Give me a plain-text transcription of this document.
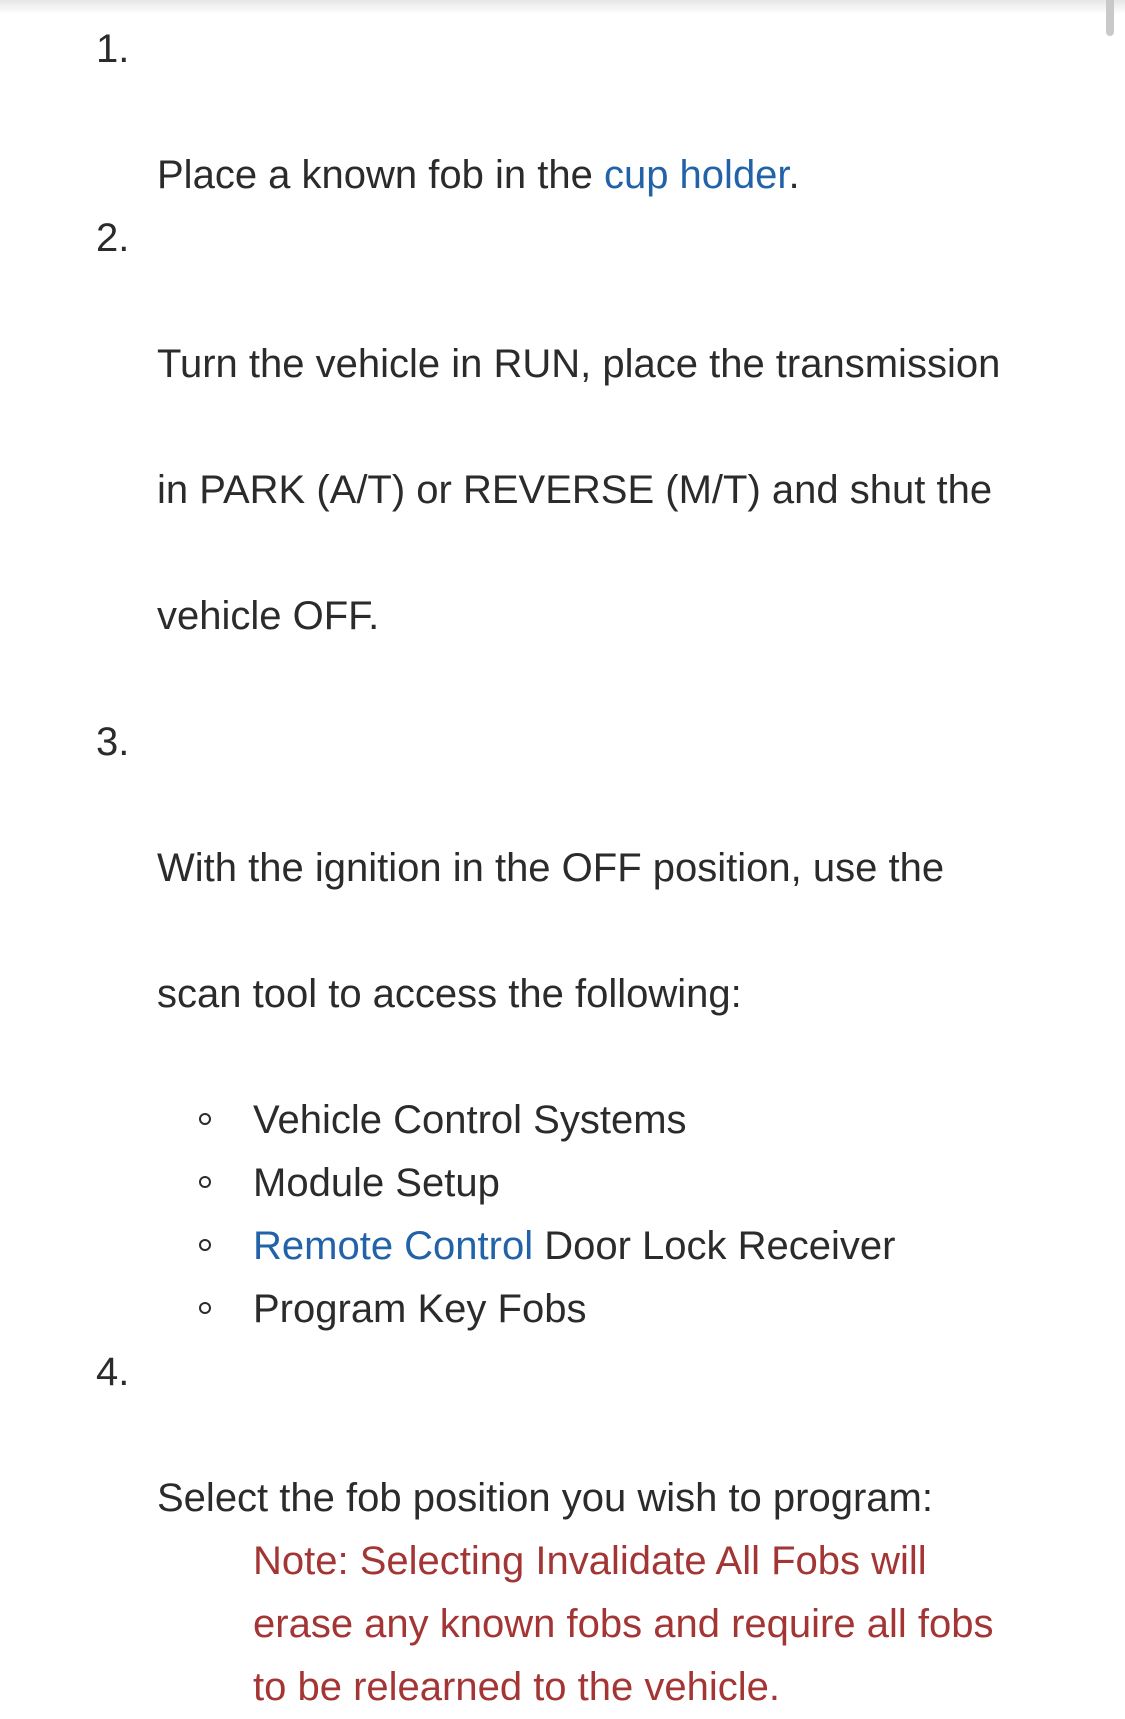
1.

Place a known fob in the cup holder.

2.

Turn the vehicle in RUN, place the transmission

in PARK (A/T) or REVERSE (M/T) and shut the

vehicle OFF.

3.

With the ignition in the OFF position, use the

scan tool to access the following:

Vehicle Control Systems
Module Setup
Remote Control Door Lock Receiver
Program Key Fobs

4.

Select the fob position you wish to program:

Note: Selecting Invalidate All Fobs will
erase any known fobs and require all fobs
to be relearned to the vehicle.
